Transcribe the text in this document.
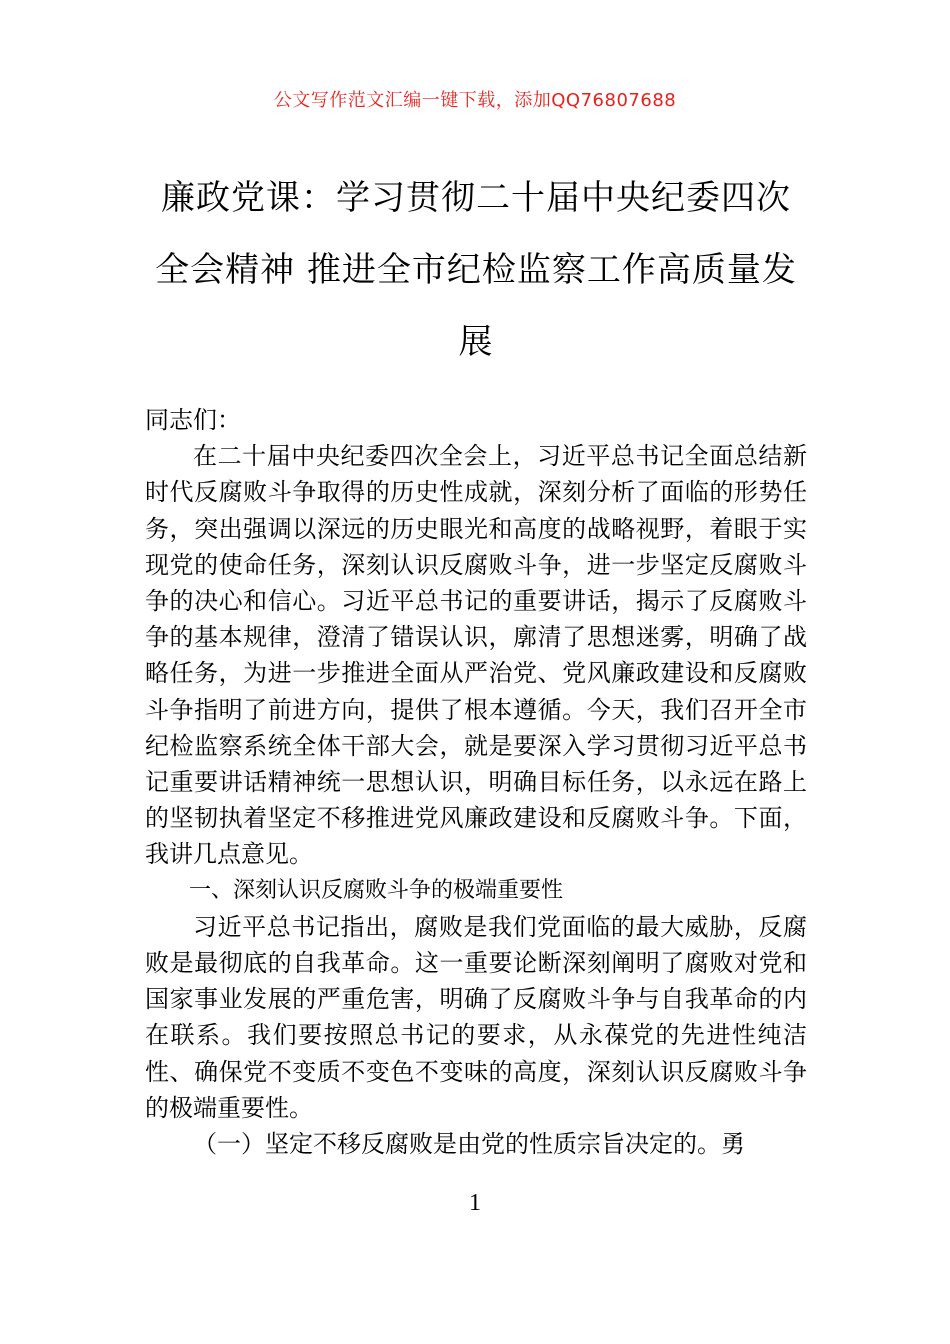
公文写作范文汇编一键下载，添加QQ76807688
廉政党课：学习贯彻二十届中央纪委四次全会精神 推进全市纪检监察工作高质量发展

同志们：

在二十届中央纪委四次全会上，习近平总书记全面总结新时代反腐败斗争取得的历史性成就，深刻分析了面临的形势任务，突出强调以深远的历史眼光和高度的战略视野，着眼于实现党的使命任务，深刻认识反腐败斗争，进一步坚定反腐败斗争的决心和信心。习近平总书记的重要讲话，揭示了反腐败斗争的基本规律，澄清了错误认识，廓清了思想迷雾，明确了战略任务，为进一步推进全面从严治党、党风廉政建设和反腐败斗争指明了前进方向，提供了根本遵循。今天，我们召开全市纪检监察系统全体干部大会，就是要深入学习贯彻习近平总书记重要讲话精神统一思想认识，明确目标任务，以永远在路上的坚韧执着坚定不移推进党风廉政建设和反腐败斗争。下面，我讲几点意见。

一、深刻认识反腐败斗争的极端重要性

习近平总书记指出，腐败是我们党面临的最大威胁，反腐败是最彻底的自我革命。这一重要论断深刻阐明了腐败对党和国家事业发展的严重危害，明确了反腐败斗争与自我革命的内在联系。我们要按照总书记的要求，从永葆党的先进性纯洁性、确保党不变质不变色不变味的高度，深刻认识反腐败斗争的极端重要性。

（一）坚定不移反腐败是由党的性质宗旨决定的。勇

1
